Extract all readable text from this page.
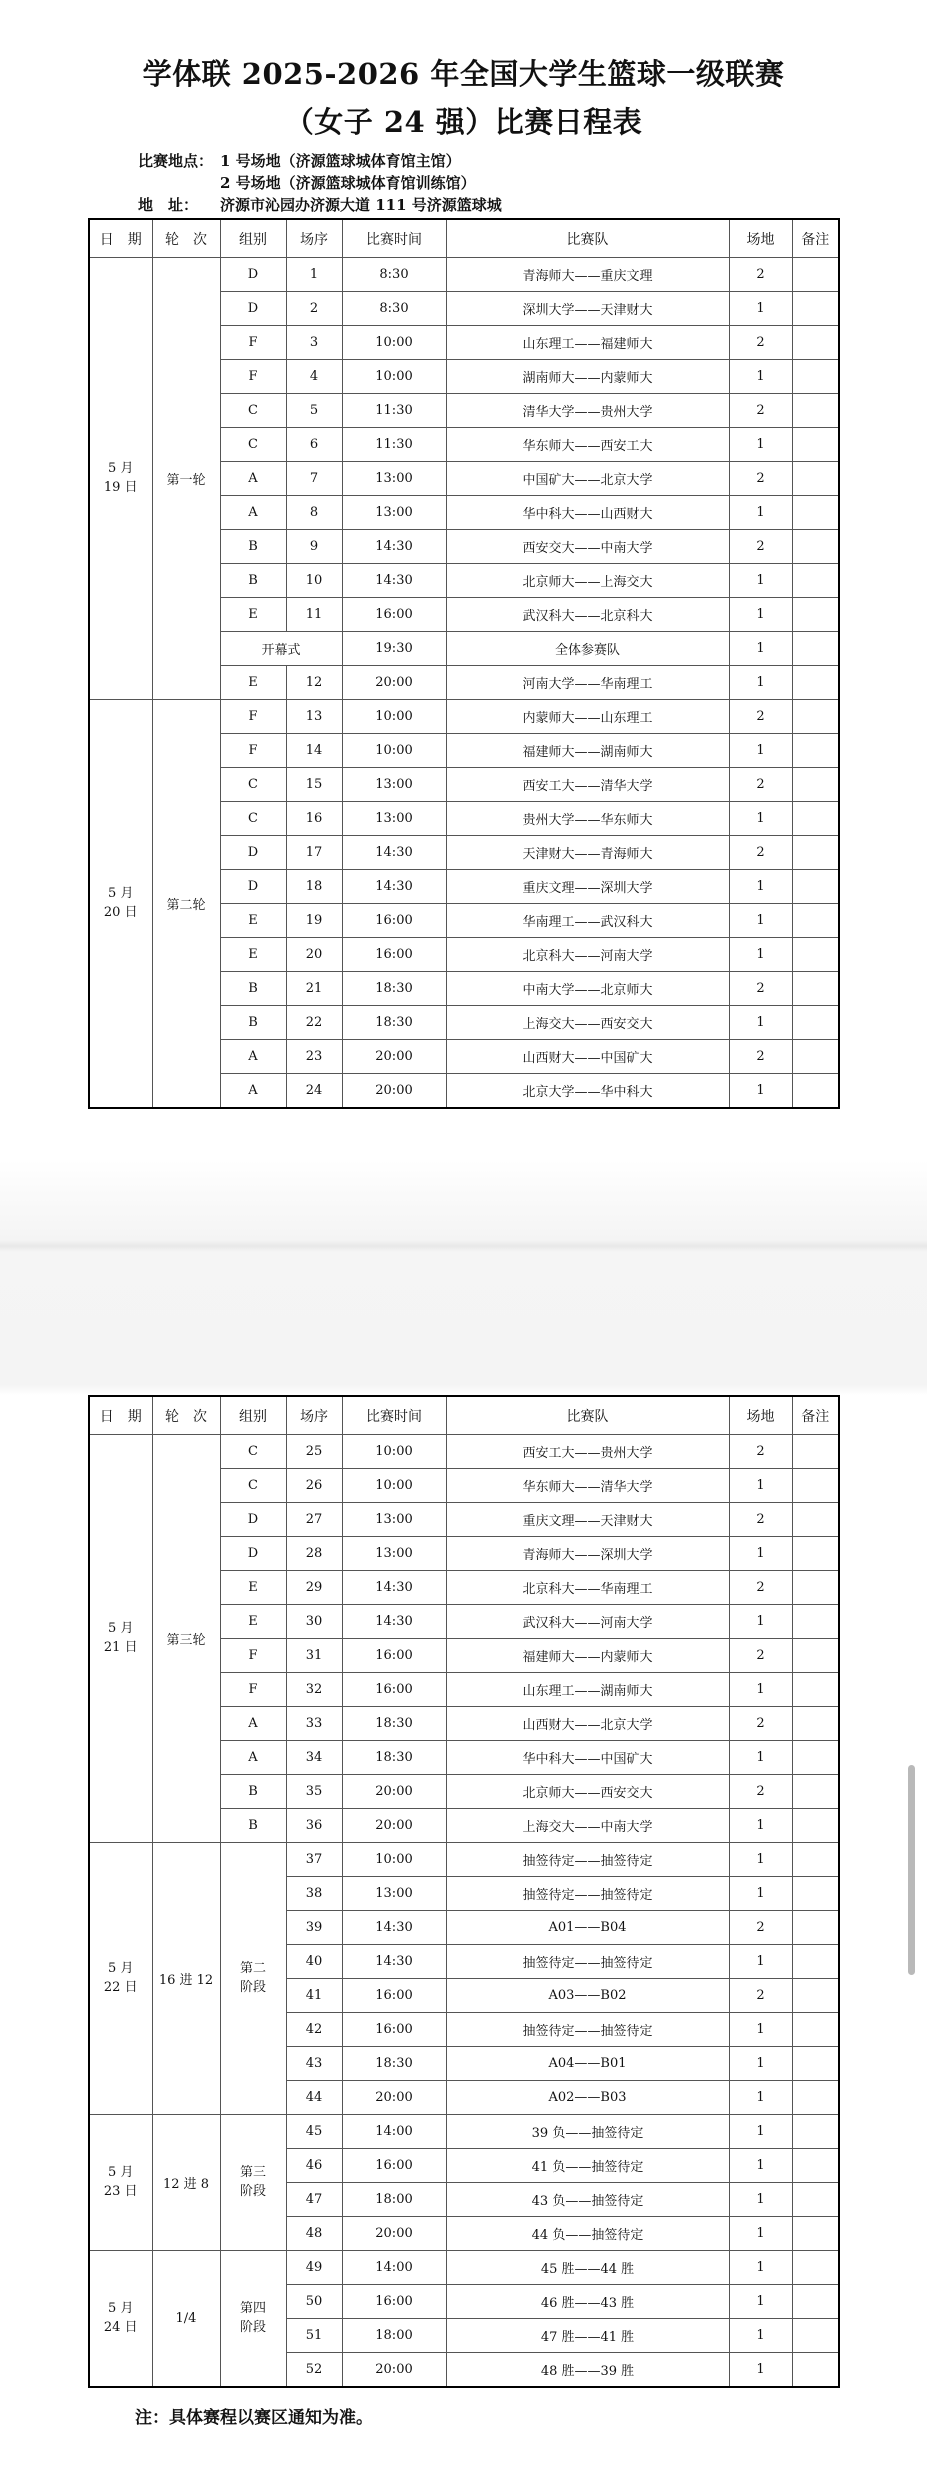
学体联 2025-2026 年全国大学生篮球一级联赛
（女子 24 强）比赛日程表
比赛地点： 1 号场地（济源篮球城体育馆主馆）
2 号场地（济源篮球城体育馆训练馆）
地　址： 济源市沁园办济源大道 111 号济源篮球城
日　期	轮　次	组别	场序	比赛时间	比赛队	场地	备注
5 月
19 日	第一轮	D	1	8:30	青海师大——重庆文理	2	
		D	2	8:30	深圳大学——天津财大	1	
		F	3	10:00	山东理工——福建师大	2	
		F	4	10:00	湖南师大——内蒙师大	1	
		C	5	11:30	清华大学——贵州大学	2	
		C	6	11:30	华东师大——西安工大	1	
		A	7	13:00	中国矿大——北京大学	2	
		A	8	13:00	华中科大——山西财大	1	
		B	9	14:30	西安交大——中南大学	2	
		B	10	14:30	北京师大——上海交大	1	
		E	11	16:00	武汉科大——北京科大	1	
		开幕式		19:30	全体参赛队	1	
		E	12	20:00	河南大学——华南理工	1	
5 月
20 日	第二轮	F	13	10:00	内蒙师大——山东理工	2	
		F	14	10:00	福建师大——湖南师大	1	
		C	15	13:00	西安工大——清华大学	2	
		C	16	13:00	贵州大学——华东师大	1	
		D	17	14:30	天津财大——青海师大	2	
		D	18	14:30	重庆文理——深圳大学	1	
		E	19	16:00	华南理工——武汉科大	1	
		E	20	16:00	北京科大——河南大学	1	
		B	21	18:30	中南大学——北京师大	2	
		B	22	18:30	上海交大——西安交大	1	
		A	23	20:00	山西财大——中国矿大	2	
		A	24	20:00	北京大学——华中科大	1	
日　期	轮　次	组别	场序	比赛时间	比赛队	场地	备注
5 月
21 日	第三轮	C	25	10:00	西安工大——贵州大学	2	
		C	26	10:00	华东师大——清华大学	1	
		D	27	13:00	重庆文理——天津财大	2	
		D	28	13:00	青海师大——深圳大学	1	
		E	29	14:30	北京科大——华南理工	2	
		E	30	14:30	武汉科大——河南大学	1	
		F	31	16:00	福建师大——内蒙师大	2	
		F	32	16:00	山东理工——湖南师大	1	
		A	33	18:30	山西财大——北京大学	2	
		A	34	18:30	华中科大——中国矿大	1	
		B	35	20:00	北京师大——西安交大	2	
		B	36	20:00	上海交大——中南大学	1	
5 月
22 日	16 进 12	第二
阶段	37	10:00	抽签待定——抽签待定	1	
			38	13:00	抽签待定——抽签待定	1	
			39	14:30	A01——B04	2	
			40	14:30	抽签待定——抽签待定	1	
			41	16:00	A03——B02	2	
			42	16:00	抽签待定——抽签待定	1	
			43	18:30	A04——B01	1	
			44	20:00	A02——B03	1	
5 月
23 日	12 进 8	第三
阶段	45	14:00	39 负——抽签待定	1	
			46	16:00	41 负——抽签待定	1	
			47	18:00	43 负——抽签待定	1	
			48	20:00	44 负——抽签待定	1	
5 月
24 日	1/4	第四
阶段	49	14:00	45 胜——44 胜	1	
			50	16:00	46 胜——43 胜	1	
			51	18:00	47 胜——41 胜	1	
			52	20:00	48 胜——39 胜	1	
注：具体赛程以赛区通知为准。
